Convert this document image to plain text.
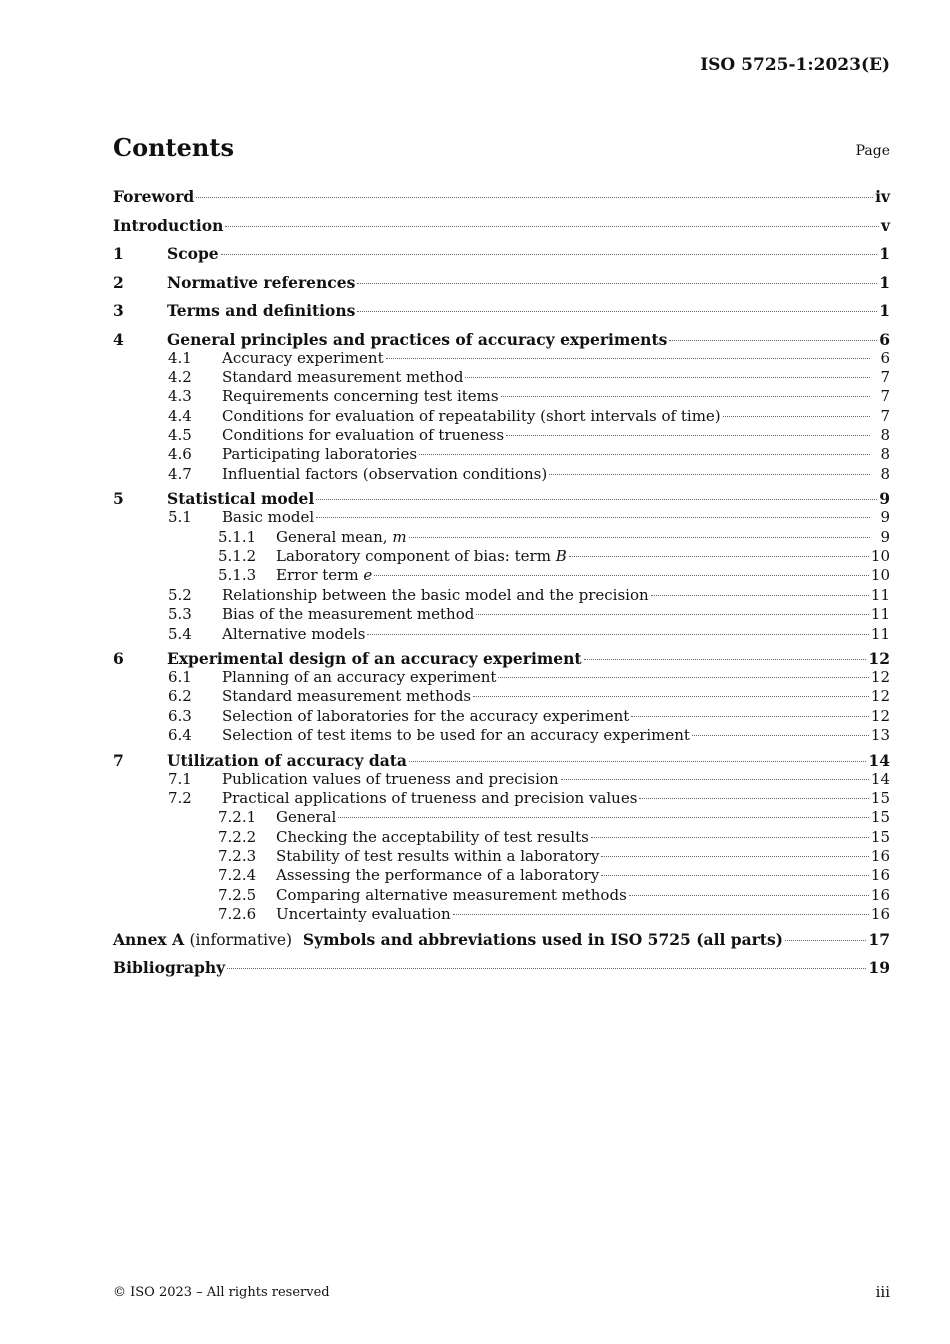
ISO 5725-1:2023(E)
Contents	Page
Foreword	iv
Introduction	v
1	Scope	1
2	Normative references	1
3	Terms and definitions	1
4	General principles and practices of accuracy experiments	6
4.1 Accuracy experiment	6
4.2 Standard measurement method	7
4.3 Requirements concerning test items	7
4.4 Conditions for evaluation of repeatability (short intervals of time)	7
4.5 Conditions for evaluation of trueness	8
4.6 Participating laboratories	8
4.7 Influential factors (observation conditions)	8
5	Statistical model	9
5.1 Basic model	9
5.1.1 General mean, m	9
5.1.2 Laboratory component of bias: term B	10
5.1.3 Error term e	10
5.2 Relationship between the basic model and the precision	11
5.3 Bias of the measurement method	11
5.4 Alternative models	11
6	Experimental design of an accuracy experiment	12
6.1 Planning of an accuracy experiment	12
6.2 Standard measurement methods	12
6.3 Selection of laboratories for the accuracy experiment	12
6.4 Selection of test items to be used for an accuracy experiment	13
7	Utilization of accuracy data	14
7.1 Publication values of trueness and precision	14
7.2 Practical applications of trueness and precision values	15
7.2.1 General	15
7.2.2 Checking the acceptability of test results	15
7.2.3 Stability of test results within a laboratory	16
7.2.4 Assessing the performance of a laboratory	16
7.2.5 Comparing alternative measurement methods	16
7.2.6 Uncertainty evaluation	16
Annex A (informative) Symbols and abbreviations used in ISO 5725 (all parts)	17
Bibliography	19
© ISO 2023 – All rights reserved	iii
